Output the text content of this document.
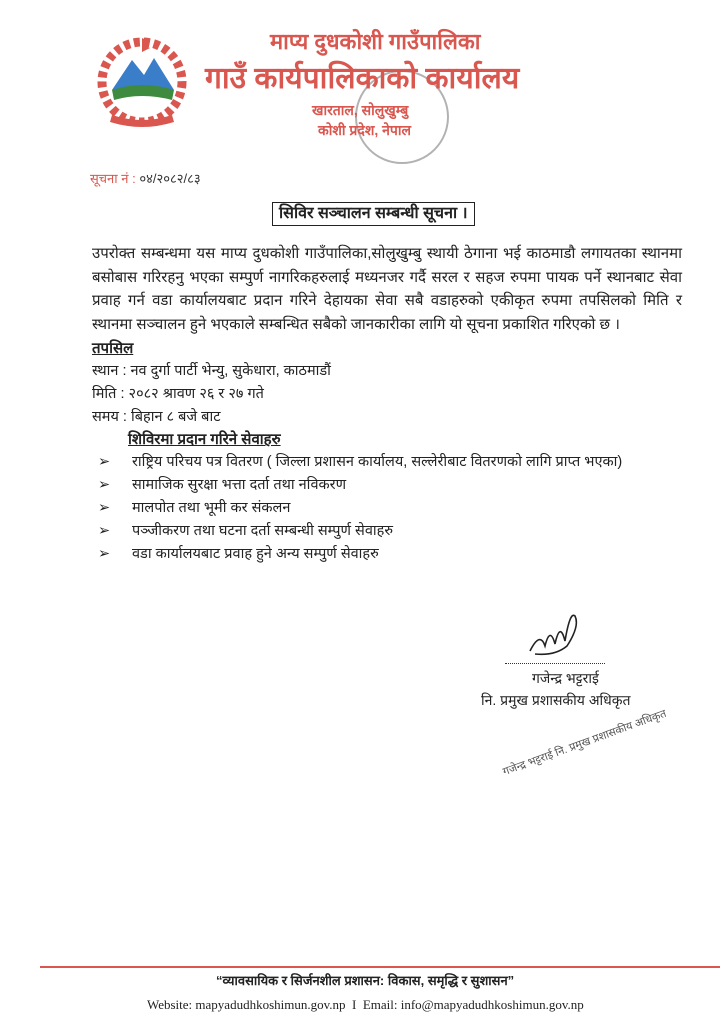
माप्य दुधकोशी गाउँपालिका
गाउँ कार्यपालिकाको कार्यालय
खारताल, सोलुखुम्बु
कोशी प्रदेश, नेपाल
सूचना नं : ०४/२०८२/८३
सिविर सञ्चालन सम्बन्धी सूचना ।
उपरोक्त सम्बन्धमा यस माप्य दुधकोशी गाउँपालिका,सोलुखुम्बु स्थायी ठेगाना भई काठमाडौ लगायतका स्थानमा बसोबास गरिरहनु भएका सम्पुर्ण नागरिकहरुलाई मध्यनजर गर्दै सरल र सहज रुपमा पायक पर्ने स्थानबाट सेवा प्रवाह गर्न वडा कार्यालयबाट प्रदान गरिने देहायका सेवा सबै वडाहरुको एकीकृत रुपमा तपसिलको मिति र स्थानमा सञ्चालन हुने भएकाले सम्बन्धित सबैको जानकारीका लागि यो सूचना प्रकाशित गरिएको छ ।
तपसिल
स्थान : नव दुर्गा पार्टी भेन्यु, सुकेधारा, काठमाडौं
मिति : २०८२ श्रावण २६ र २७ गते
समय : बिहान ८ बजे बाट
शिविरमा प्रदान गरिने सेवाहरु
➢	राष्ट्रिय परिचय पत्र वितरण ( जिल्ला प्रशासन कार्यालय, सल्लेरीबाट वितरणको लागि प्राप्त भएका)
➢	सामाजिक सुरक्षा भत्ता दर्ता तथा नविकरण
➢	मालपोत तथा भूमी कर संकलन
➢	पञ्जीकरण तथा घटना दर्ता सम्बन्धी सम्पुर्ण सेवाहरु
➢	वडा कार्यालयबाट प्रवाह हुने अन्य सम्पुर्ण सेवाहरु
गजेन्द्र भट्टराई
नि. प्रमुख प्रशासकीय अधिकृत
गजेन्द्र भट्टराई नि. प्रमुख प्रशासकीय अधिकृत
“व्यावसायिक र सिर्जनशील प्रशासन: विकास, समृद्धि र सुशासन”
Website: mapyadudhkoshimun.gov.np  I  Email: info@mapyadudhkoshimun.gov.np
